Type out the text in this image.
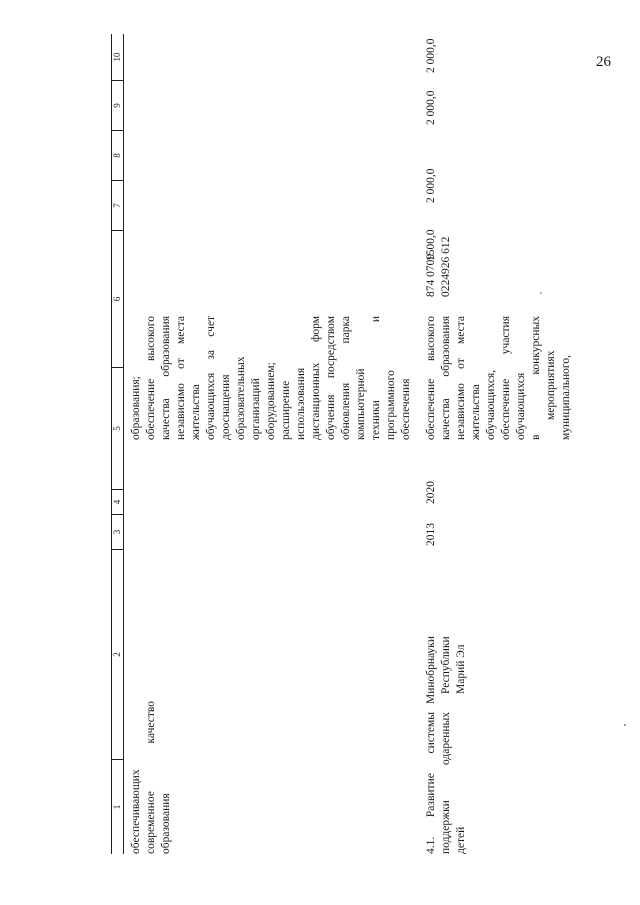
26
1
2
3
4
5
6
7
8
9
10
обеспечивающих современное качество образования
образования; обеспечение высокого качества образования независимо от места жительства обучающихся за счет дооснащения образовательных организаций оборудованием; расширение использования дистанционных форм обучения посредством обновления парка компьютерной техники и программного обеспечения
4.1. Развитие системы поддержки одаренных детей
Минобрнауки Республики Марий Эл
2013
2020
обеспечение высокого качества образования независимо от места жительства обучающихся, обеспечение участия обучающихся в конкурсных мероприятиях муниципального,
874 0709 0224926 612
1500,0
2 000,0
2 000,0
2 000,0
